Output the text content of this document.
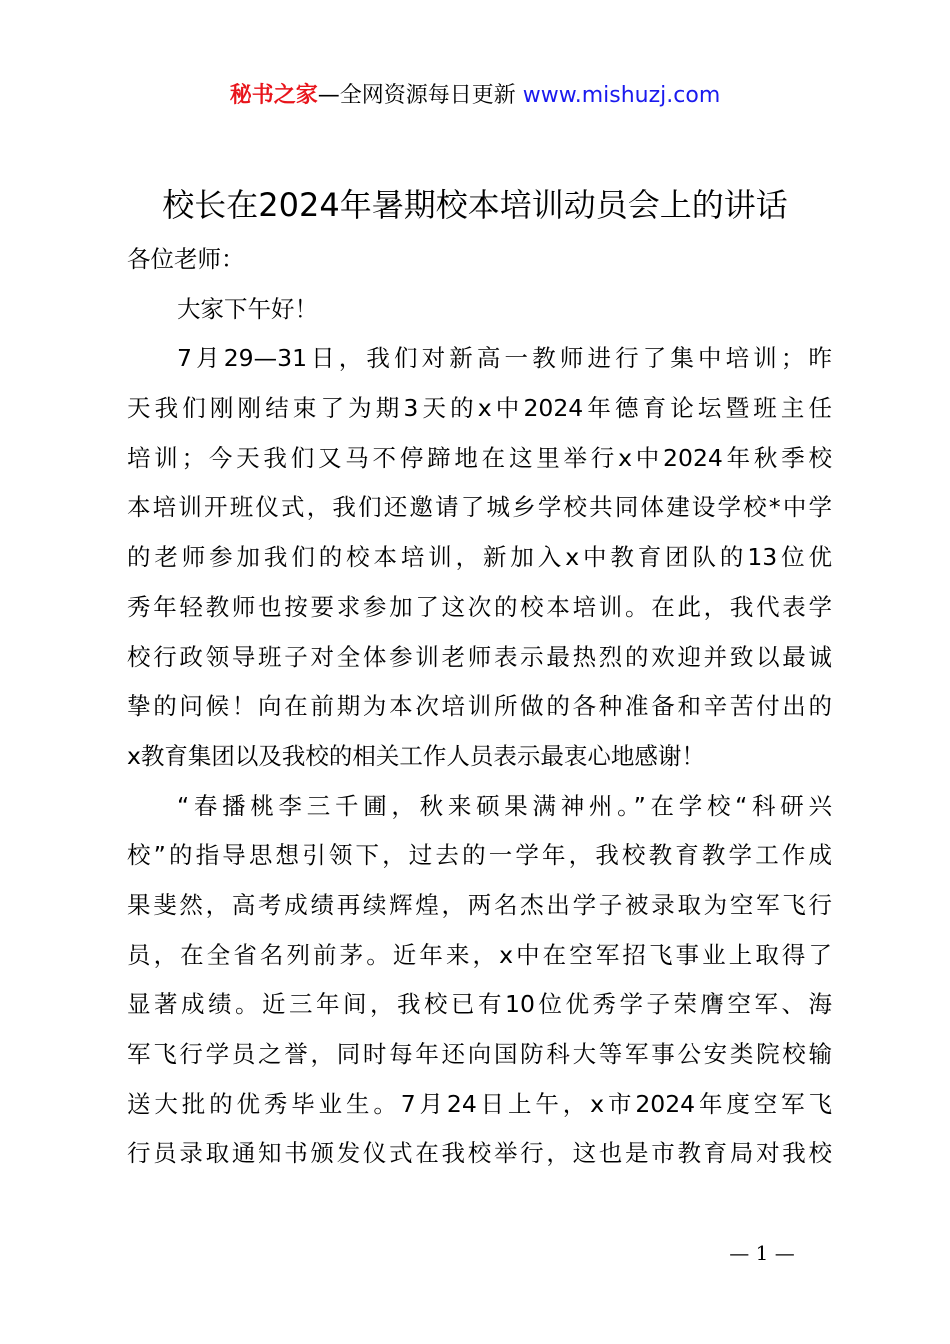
秘书之家—全网资源每日更新 www.mishuzj.com
校长在2024年暑期校本培训动员会上的讲话

各位老师：

大家下午好！
7月29—31日，我们对新高一教师进行了集中培训；昨
天我们刚刚结束了为期3天的x中2024年德育论坛暨班主任
培训；今天我们又马不停蹄地在这里举行x中2024年秋季校
本培训开班仪式，我们还邀请了城乡学校共同体建设学校*中学
的老师参加我们的校本培训，新加入x中教育团队的13位优
秀年轻教师也按要求参加了这次的校本培训。在此，我代表学
校行政领导班子对全体参训老师表示最热烈的欢迎并致以最诚
挚的问候！向在前期为本次培训所做的各种准备和辛苦付出的
x教育集团以及我校的相关工作人员表示最衷心地感谢！
“春播桃李三千圃，秋来硕果满神州。”在学校“科研兴
校”的指导思想引领下，过去的一学年，我校教育教学工作成
果斐然，高考成绩再续辉煌，两名杰出学子被录取为空军飞行
员，在全省名列前茅。近年来，x中在空军招飞事业上取得了
显著成绩。近三年间，我校已有10位优秀学子荣膺空军、海
军飞行学员之誉，同时每年还向国防科大等军事公安类院校输
送大批的优秀毕业生。7月24日上午，x市2024年度空军飞
行员录取通知书颁发仪式在我校举行，这也是市教育局对我校
— 1 —
